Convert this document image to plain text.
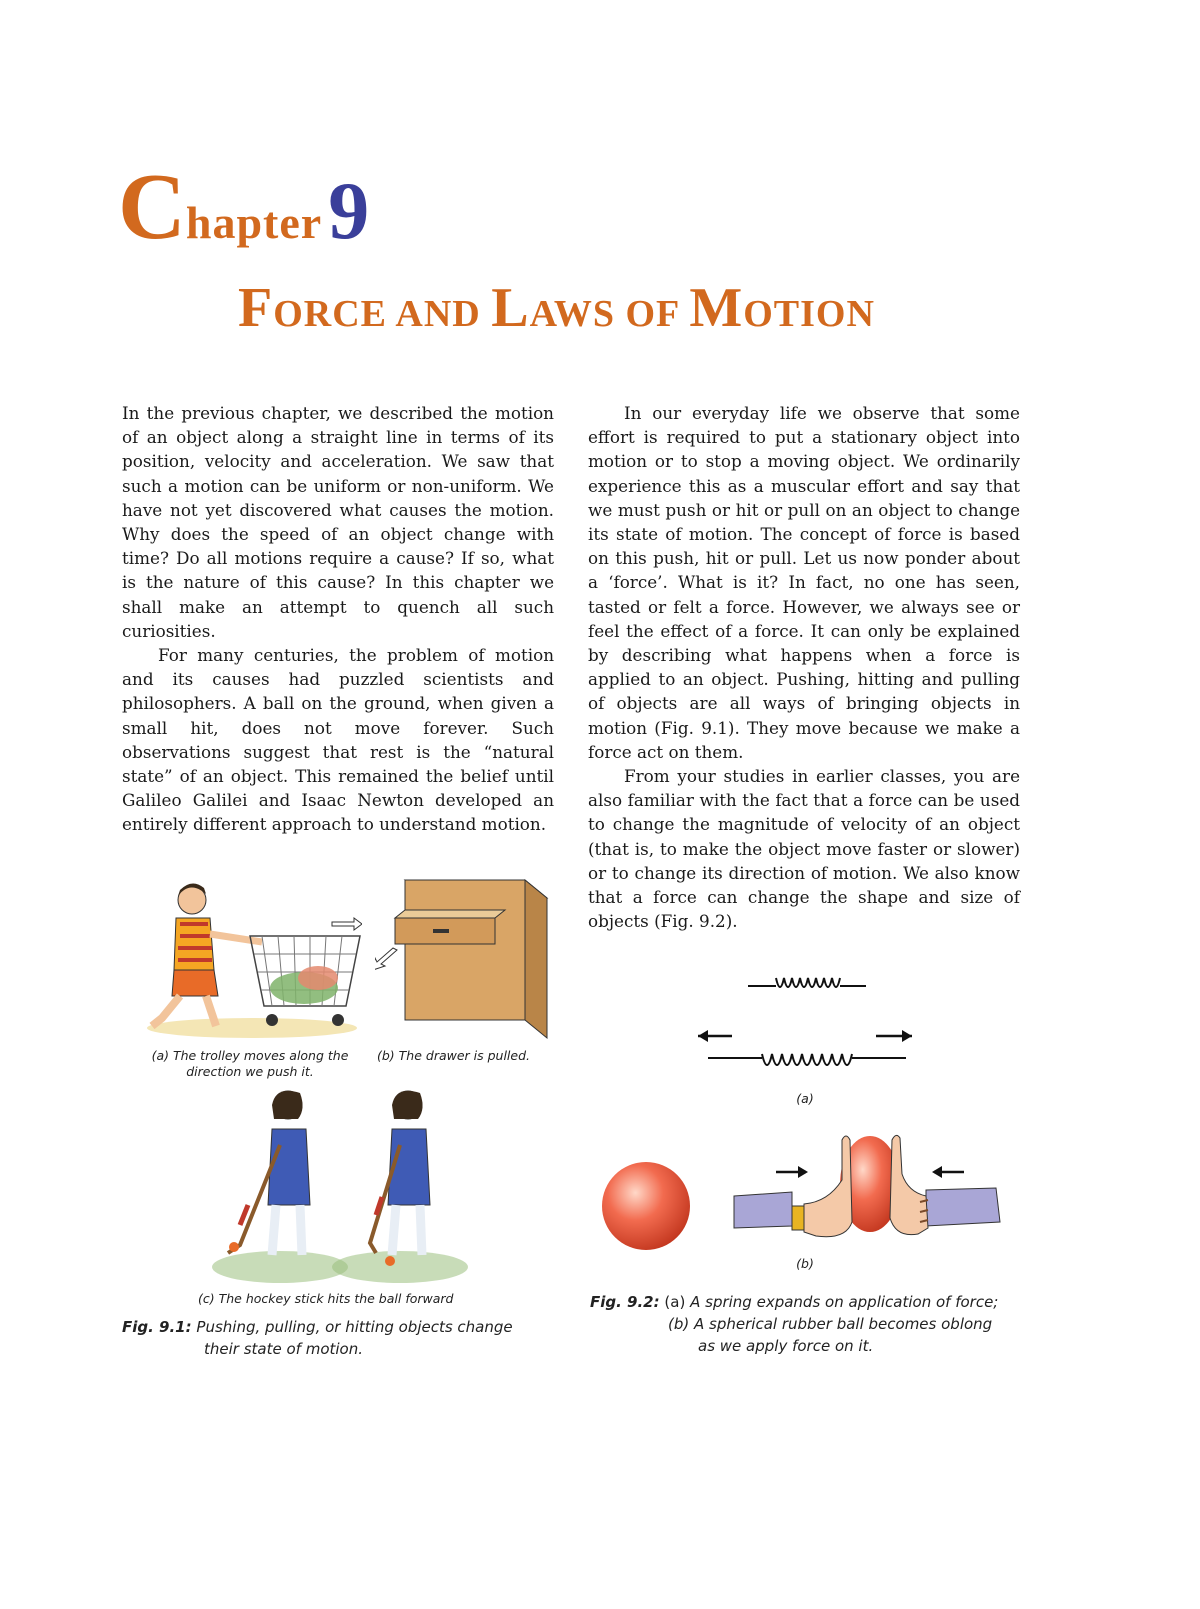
Chapter9
FORCE AND LAWS OF MOTION

In the previous chapter, we described the motion of an object along a straight line in terms of its position, velocity and acceleration. We saw that such a motion can be uniform or non-uniform. We have not yet discovered what causes the motion. Why does the speed of an object change with time? Do all motions require a cause? If so, what is the nature of this cause? In this chapter we shall make an attempt to quench all such curiosities.

For many centuries, the problem of motion and its causes had puzzled scientists and philosophers. A ball on the ground, when given a small hit, does not move forever. Such observations suggest that rest is the “natural state” of an object. This remained the belief until Galileo Galilei and Isaac Newton developed an entirely different approach to understand motion.

In our everyday life we observe that some effort is required to put a stationary object into motion or to stop a moving object. We ordinarily experience this as a muscular effort and say that we must push or hit or pull on an object to change its state of motion. The concept of force is based on this push, hit or pull. Let us now ponder about a ‘force’. What is it? In fact, no one has seen, tasted or felt a force. However, we always see or feel the effect of a force. It can only be explained by describing what happens when a force is applied to an object. Pushing, hitting and pulling of objects are all ways of bringing objects in motion (Fig. 9.1). They move because we make a force act on them.

From your studies in earlier classes, you are also familiar with the fact that a force can be used to change the magnitude of velocity of an object (that is, to make the object move faster or slower) or to change its direction of motion. We also know that a force can change the shape and size of objects (Fig. 9.2).

(a) The trolley moves along the
direction we push it.
(b) The drawer is pulled.
(c) The hockey stick hits the ball forward
Fig. 9.1: Pushing, pulling, or hitting objects change
their state of motion.
(a)
(b)
Fig. 9.2: (a) A spring expands on application of force;
(b) A spherical rubber ball becomes oblong
as we apply force on it.
